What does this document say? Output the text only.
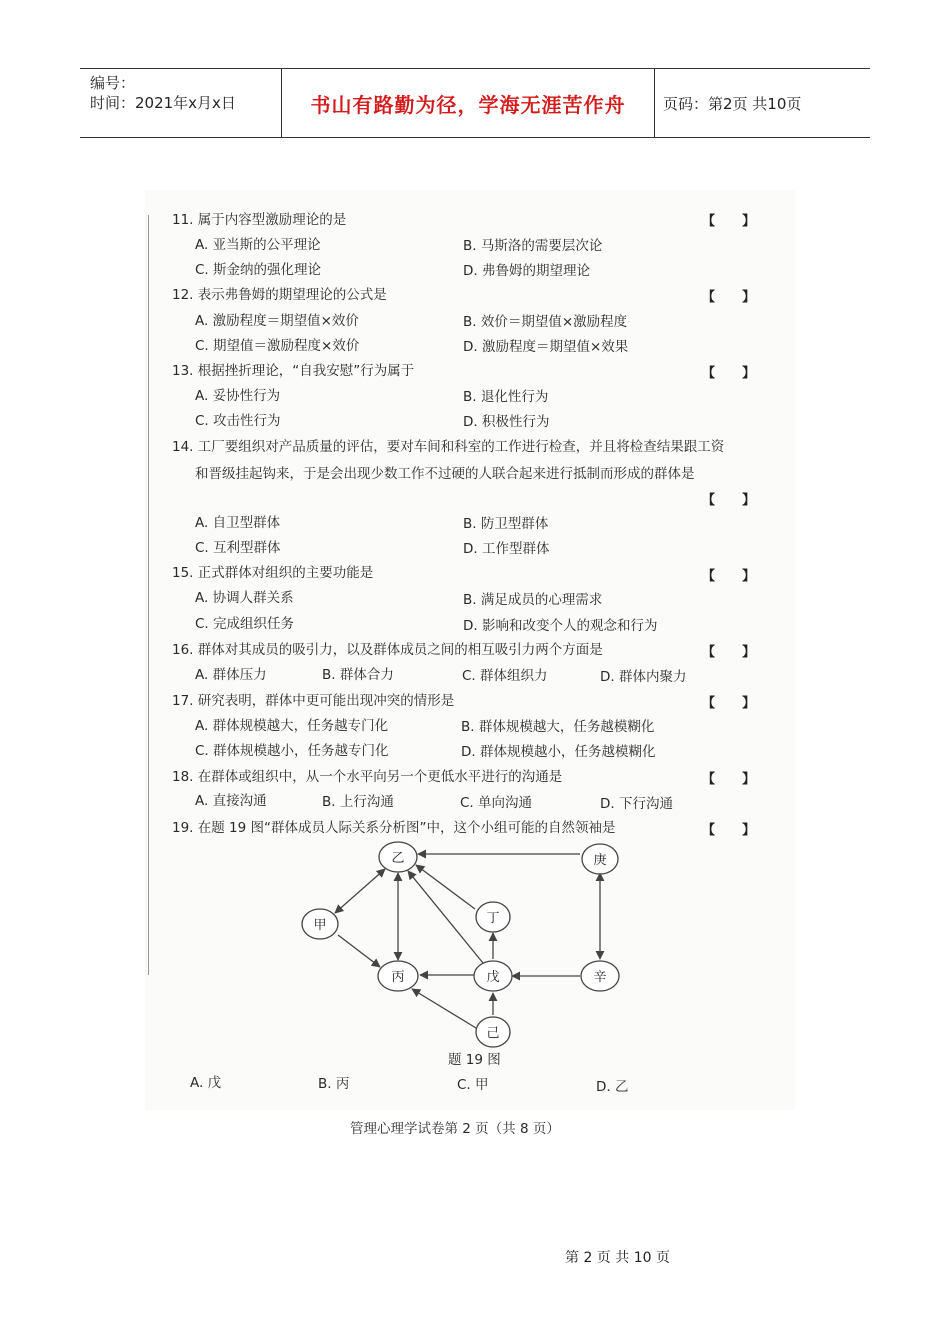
编号：
时间：2021年x月x日	书山有路勤为径，学海无涯苦作舟	页码：第2页 共10页
11. 属于内容型激励理论的是	【      】
A. 亚当斯的公平理论	B. 马斯洛的需要层次论
C. 斯金纳的强化理论	D. 弗鲁姆的期望理论
12. 表示弗鲁姆的期望理论的公式是	【      】
A. 激励程度＝期望值×效价	B. 效价＝期望值×激励程度
C. 期望值＝激励程度×效价	D. 激励程度＝期望值×效果
13. 根据挫折理论，“自我安慰”行为属于	【      】
A. 妥协性行为	B. 退化性行为
C. 攻击性行为	D. 积极性行为
14. 工厂要组织对产品质量的评估，要对车间和科室的工作进行检查，并且将检查结果跟工资
和晋级挂起钩来，于是会出现少数工作不过硬的人联合起来进行抵制而形成的群体是
【      】
A. 自卫型群体	B. 防卫型群体
C. 互利型群体	D. 工作型群体
15. 正式群体对组织的主要功能是	【      】
A. 协调人群关系	B. 满足成员的心理需求
C. 完成组织任务	D. 影响和改变个人的观念和行为
16. 群体对其成员的吸引力，以及群体成员之间的相互吸引力两个方面是	【      】
A. 群体压力	B. 群体合力	C. 群体组织力	D. 群体内聚力
17. 研究表明，群体中更可能出现冲突的情形是	【      】
A. 群体规模越大，任务越专门化	B. 群体规模越大，任务越模糊化
C. 群体规模越小，任务越专门化	D. 群体规模越小，任务越模糊化
18. 在群体或组织中，从一个水平向另一个更低水平进行的沟通是	【      】
A. 直接沟通	B. 上行沟通	C. 单向沟通	D. 下行沟通
19. 在题 19 图“群体成员人际关系分析图”中，这个小组可能的自然领袖是	【      】
乙	庚
甲	丁
丙	戊	辛
己
题 19 图
A. 戊	B. 丙	C. 甲	D. 乙
管理心理学试卷第 2 页（共 8 页）
第 2 页 共 10 页
